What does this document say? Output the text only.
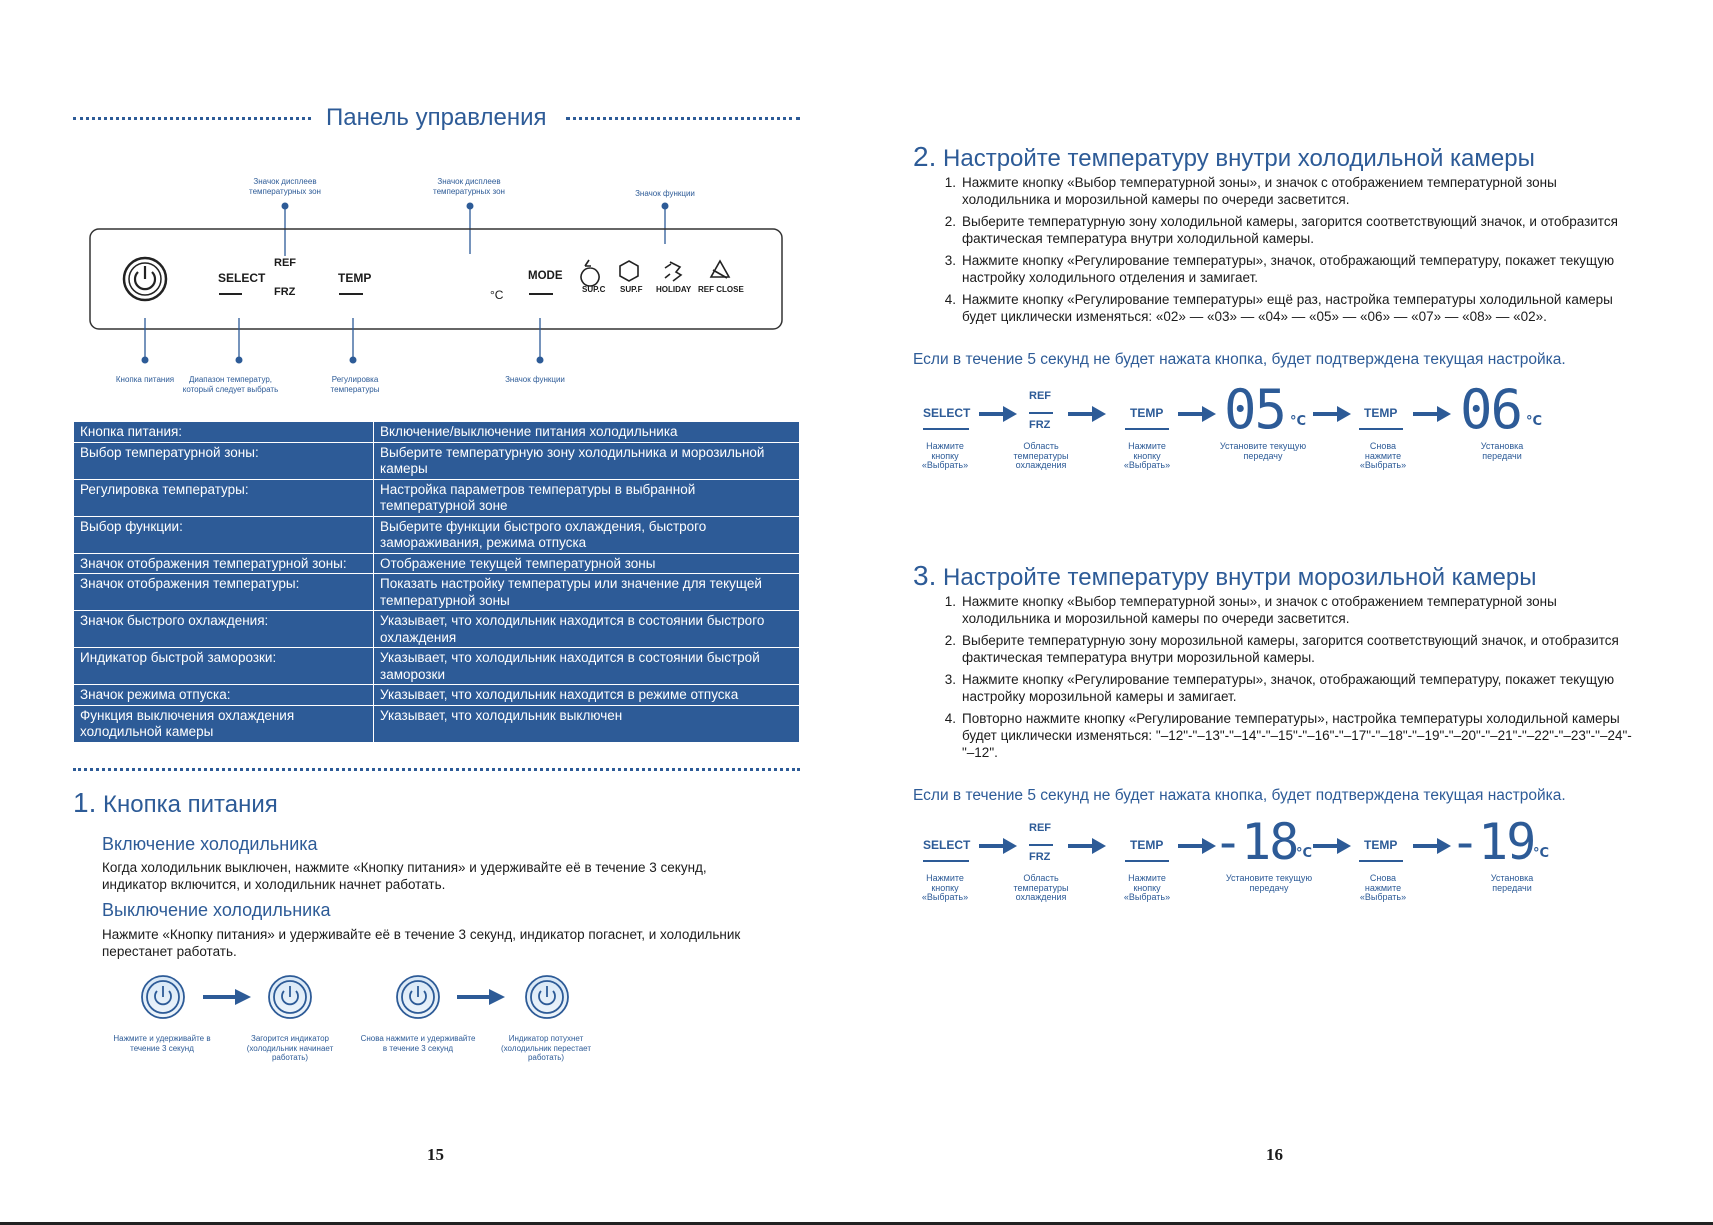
Панель управления
Значок дисплеев температурных зон
Значок дисплеев температурных зон	Значок функции
SELECT
REF
FRZ
TEMP
°C
MODE
SUP.C SUP.F HOLIDAY REF CLOSE
Кнопка питания	Диапазон температур, который следует выбрать
Регулировка температуры
Значок функции
Кнопка питания:	Включение/выключение питания холодильника
Выбор температурной зоны:	Выберите температурную зону холодильника и морозильной камеры
Регулировка температуры:	Настройка параметров температуры в выбранной температурной зоне
Выбор функции:	Выберите функции быстрого охлаждения, быстрого замораживания, режима отпуска
Значок отображения температурной зоны:	Отображение текущей температурной зоны
Значок отображения температуры:	Показать настройку температуры или значение для текущей температурной зоны
Значок быстрого охлаждения:	Указывает, что холодильник находится в состоянии быстрого охлаждения
Индикатор быстрой заморозки:	Указывает, что холодильник находится в состоянии быстрой заморозки
Значок режима отпуска:	Указывает, что холодильник находится в режиме отпуска
Функция выключения охлаждения холодильной камеры	Указывает, что холодильник выключен
1. Кнопка питания
Включение холодильника
Когда холодильник выключен, нажмите «Кнопку питания» и удерживайте её в течение 3 секунд, индикатор включится, и холодильник начнет работать.
Выключение холодильника
Нажмите «Кнопку питания» и удерживайте её в течение 3 секунд, индикатор погаснет, и холодильник перестанет работать.
Нажмите и удерживайте в течение 3 секунд
Загорится индикатор (холодильник начинает работать)
Снова нажмите и удерживайте в течение 3 секунд
Индикатор потухнет (холодильник перестает работать)
15
2. Настройте температуру внутри холодильной камеры
1. Нажмите кнопку «Выбор температурной зоны», и значок с отображением температурной зоны холодильника и морозильной камеры по очереди засветится.
2. Выберите температурную зону холодильной камеры, загорится соответствующий значок, и отобразится фактическая температура внутри холодильной камеры.
3. Нажмите кнопку «Регулирование температуры», значок, отображающий температуру, покажет текущую настройку холодильного отделения и замигает.
4. Нажмите кнопку «Регулирование температуры» ещё раз, настройка температуры холодильной камеры будет циклически изменяться: «02» — «03» — «04» — «05» — «06» — «07» — «08» — «02».
Если в течение 5 секунд не будет нажата кнопка, будет подтверждена текущая настройка.
SELECT
REF
FRZ
TEMP 05 °C
TEMP 06 °C
Нажмите кнопку «Выбрать»
Область температуры охлаждения
Нажмите кнопку «Выбрать»
Установите текущую передачу
Снова нажмите «Выбрать»
Установка передачи
3. Настройте температуру внутри морозильной камеры
1. Нажмите кнопку «Выбор температурной зоны», и значок с отображением температурной зоны холодильника и морозильной камеры по очереди засветится.
2. Выберите температурную зону морозильной камеры, загорится соответствующий значок, и отобразится фактическая температура внутри морозильной камеры.
3. Нажмите кнопку «Регулирование температуры», значок, отображающий температуру, покажет текущую настройку морозильной камеры и замигает.
4. Повторно нажмите кнопку «Регулирование температуры», настройка температуры холодильной камеры будет циклически изменяться: "–12"-"–13"-"–14"-"–15"-"–16"-"–17"-"–18"-"–19"-"–20"-"–21"-"–22"-"–23"-"–24"-"–12".
Если в течение 5 секунд не будет нажата кнопка, будет подтверждена текущая настройка.
SELECT
REF
FRZ
TEMP -18
°C
TEMP -19
°C
Нажмите кнопку «Выбрать»
Область температуры охлаждения
Нажмите кнопку «Выбрать»
Установите текущую передачу
Снова нажмите «Выбрать»
Установка передачи
16
